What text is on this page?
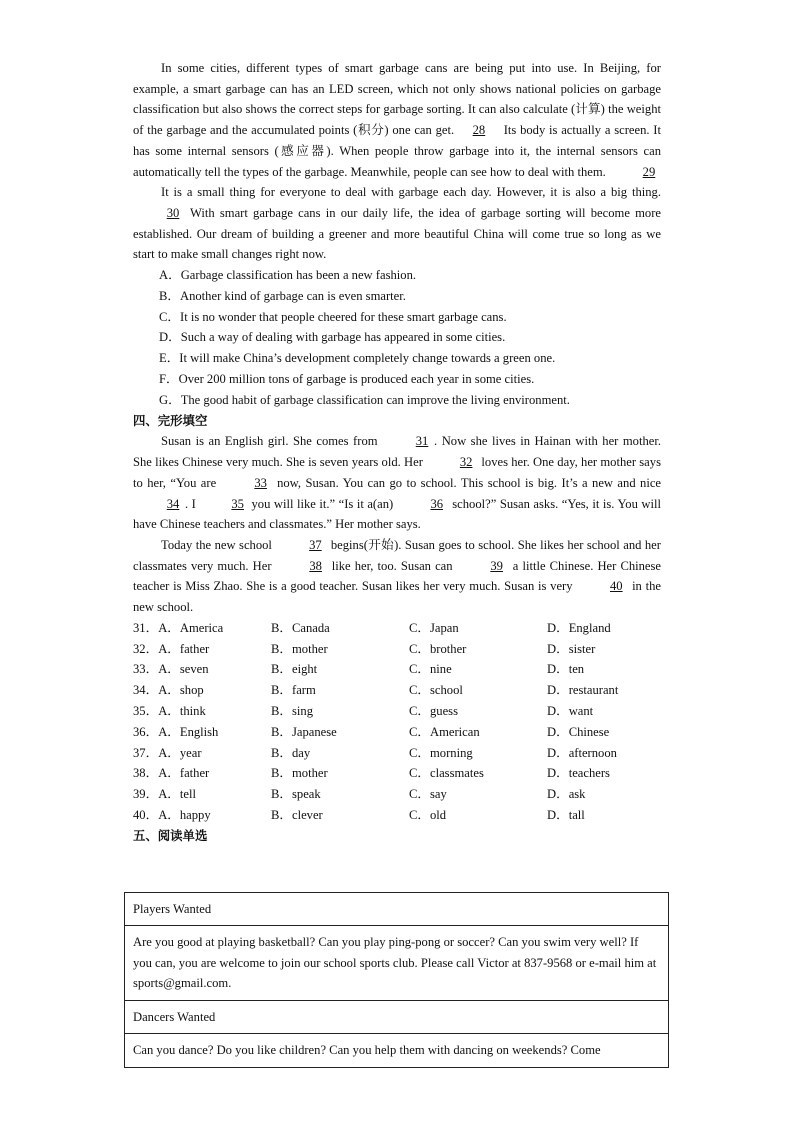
In some cities, different types of smart garbage cans are being put into use. In Beijing, for example, a smart garbage can has an LED screen, which not only shows national policies on garbage classification but also shows the correct steps for garbage sorting. It can also calculate (计算) the weight of the garbage and the accumulated points (积分) one can get. 28 Its body is actually a screen. It has some internal sensors (感应器). When people throw garbage into it, the internal sensors can automatically tell the types of the garbage. Meanwhile, people can see how to deal with them.	29

It is a small thing for everyone to deal with garbage each day. However, it is also a big thing. 30 With smart garbage cans in our daily life, the idea of garbage sorting will become more established. Our dream of building a greener and more beautiful China will come true so long as we start to make small changes right now.

A．Garbage classification has been a new fashion.

B．Another kind of garbage can is even smarter.

C．It is no wonder that people cheered for these smart garbage cans.

D．Such a way of dealing with garbage has appeared in some cities.

E．It will make China’s development completely change towards a green one.

F．Over 200 million tons of garbage is produced each year in some cities.

G．The good habit of garbage classification can improve the living environment.

四、完形填空

Susan is an English girl. She comes from	31 . Now she lives in Hainan with her mother. She likes Chinese very much. She is seven years old. Her	32 loves her. One day, her mother says to her, “You are	33 now, Susan. You can go to school. This school is big. It’s a new and nice 34 . I	35 you will like it.” “Is it a(an)	36 school?” Susan asks. “Yes, it is. You will have Chinese teachers and classmates.” Her mother says.

Today the new school	37 begins(开始). Susan goes to school. She likes her school and her classmates very much. Her	38 like her, too. Susan can	39 a little Chinese. Her Chinese teacher is Miss Zhao. She is a good teacher. Susan likes her very much. Susan is very	40 in the new school.

31．A．America	B．Canada	C．Japan	D．England
32．A．father	B．mother	C．brother	D．sister
33．A．seven	B．eight	C．nine	D．ten
34．A．shop	B．farm	C．school	D．restaurant
35．A．think	B．sing	C．guess	D．want
36．A．English	B．Japanese	C．American	D．Chinese
37．A．year	B．day	C．morning	D．afternoon
38．A．father	B．mother	C．classmates	D．teachers
39．A．tell	B．speak	C．say	D．ask
40．A．happy	B．clever	C．old	D．tall

五、阅读单选

Players Wanted
Are you good at playing basketball? Can you play ping-pong or soccer? Can you swim very well? If you can, you are welcome to join our school sports club. Please call Victor at 837-9568 or e-mail him at sports@gmail.com.
Dancers Wanted
Can you dance? Do you like children? Can you help them with dancing on weekends? Come
